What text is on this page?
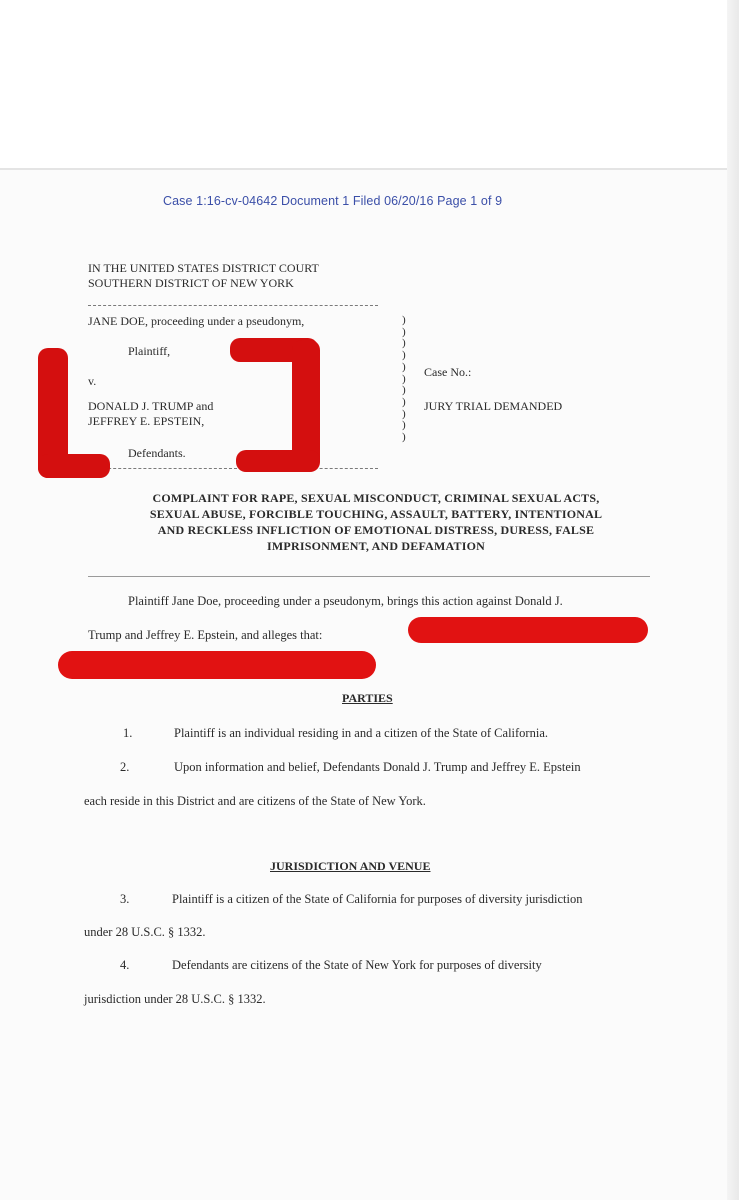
Case 1:16-cv-04642 Document 1 Filed 06/20/16 Page 1 of 9
IN THE UNITED STATES DISTRICT COURT
SOUTHERN DISTRICT OF NEW YORK
JANE DOE, proceeding under a pseudonym,
Plaintiff,
v.
DONALD J. TRUMP and
JEFFREY E. EPSTEIN,
Defendants.
)
)
)
)
)
)
)
)
)
)
)
Case No.:
JURY TRIAL DEMANDED
COMPLAINT FOR RAPE, SEXUAL MISCONDUCT, CRIMINAL SEXUAL ACTS,
SEXUAL ABUSE, FORCIBLE TOUCHING, ASSAULT, BATTERY, INTENTIONAL
AND RECKLESS INFLICTION OF EMOTIONAL DISTRESS, DURESS, FALSE
IMPRISONMENT, AND DEFAMATION
Plaintiff Jane Doe, proceeding under a pseudonym, brings this action against Donald J.
Trump and Jeffrey E. Epstein, and alleges that:
PARTIES
1.	Plaintiff is an individual residing in and a citizen of the State of California.
2.	Upon information and belief, Defendants Donald J. Trump and Jeffrey E. Epstein
each reside in this District and are citizens of the State of New York.
JURISDICTION AND VENUE
3.	Plaintiff is a citizen of the State of California for purposes of diversity jurisdiction
under 28 U.S.C. § 1332.
4.	Defendants are citizens of the State of New York for purposes of diversity
jurisdiction under 28 U.S.C. § 1332.
